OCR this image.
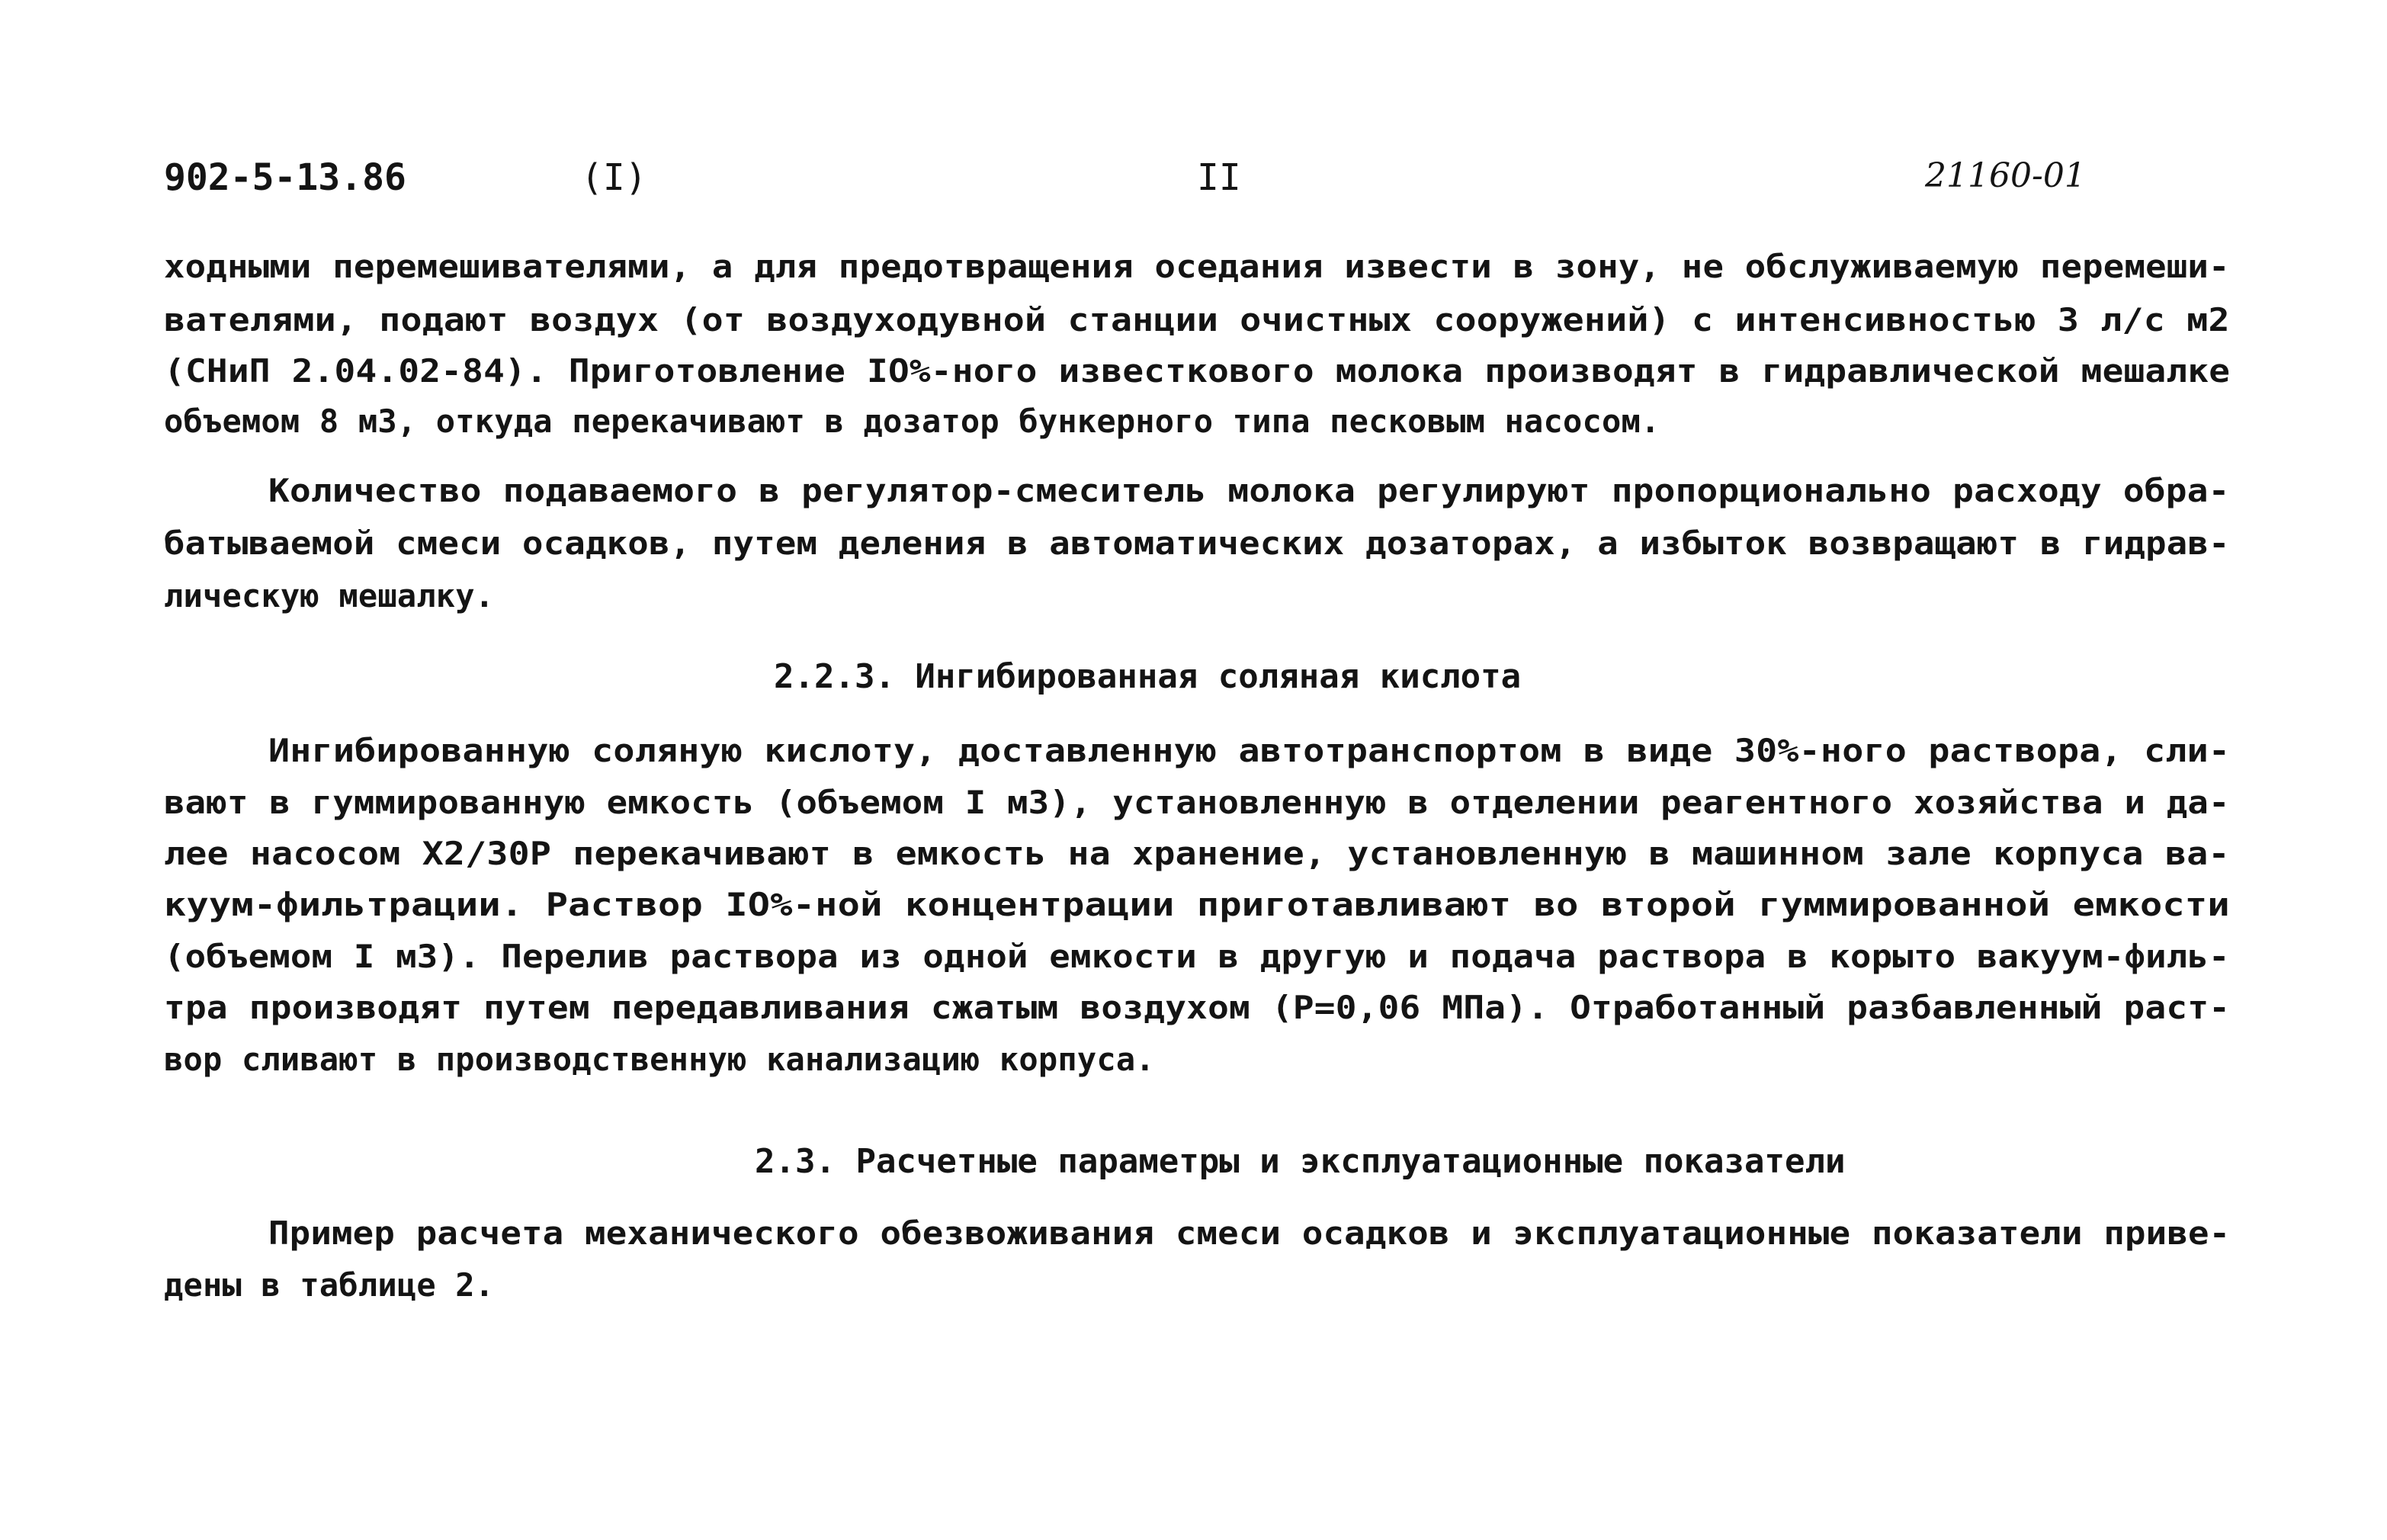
902-5-13.86	(I)	II	21160-01
ходными перемешивателями, а для предотвращения оседания извести в зону, не обслуживаемую перемеши-
вателями, подают воздух (от воздуходувной станции очистных сооружений) с интенсивностью 3 л/с м2
(СНиП 2.04.02-84). Приготовление IO%-ного известкового молока производят в гидравлической мешалке
объемом 8 м3, откуда перекачивают в дозатор бункерного типа песковым насосом.
Количество подаваемого в регулятор-смеситель молока регулируют пропорционально расходу обра-
батываемой смеси осадков, путем деления в автоматических дозаторах, а избыток возвращают в гидрав-
лическую мешалку.
2.2.3. Ингибированная соляная кислота
Ингибированную соляную кислоту, доставленную автотранспортом в виде 30%-ного раствора, сли-
вают в гуммированную емкость (объемом I м3), установленную в отделении реагентного хозяйства и да-
лее насосом Х2/30Р перекачивают в емкость на хранение, установленную в машинном зале корпуса ва-
куум-фильтрации. Раствор IO%-ной концентрации приготавливают во второй гуммированной емкости
(объемом I м3). Перелив раствора из одной емкости в другую и подача раствора в корыто вакуум-филь-
тра производят путем передавливания сжатым воздухом (Р=0,06 МПа). Отработанный разбавленный раст-
вор сливают в производственную канализацию корпуса.
2.3. Расчетные параметры и эксплуатационные показатели
Пример расчета механического обезвоживания смеси осадков и эксплуатационные показатели приве-
дены в таблице 2.
